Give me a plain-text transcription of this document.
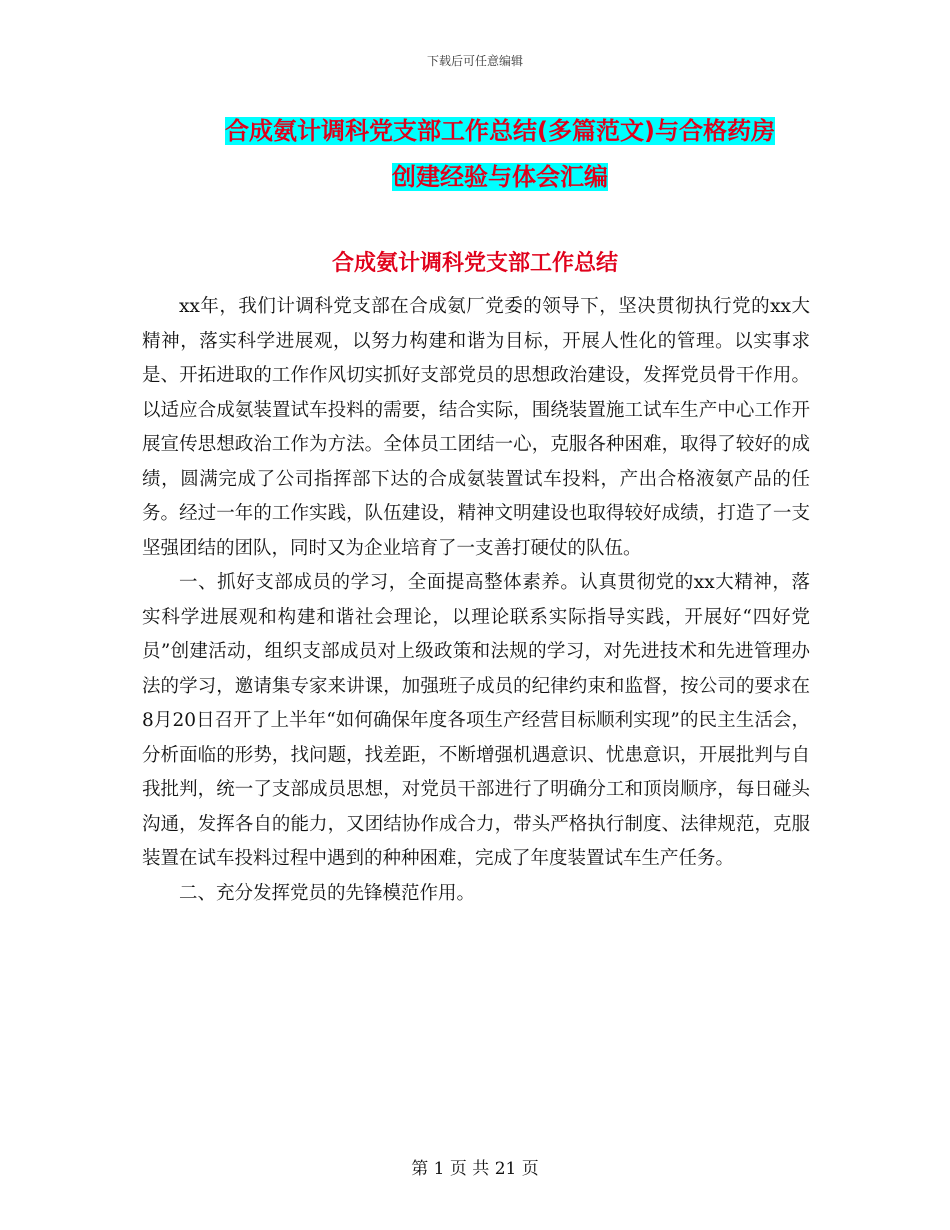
下载后可任意编辑
合成氨计调科党支部工作总结(多篇范文)与合格药房
创建经验与体会汇编
合成氨计调科党支部工作总结

xx年，我们计调科党支部在合成氨厂党委的领导下，坚决贯彻执行党的xx大精神，落实科学进展观，以努力构建和谐为目标，开展人性化的管理。以实事求是、开拓进取的工作作风切实抓好支部党员的思想政治建设，发挥党员骨干作用。以适应合成氨装置试车投料的需要，结合实际，围绕装置施工试车生产中心工作开展宣传思想政治工作为方法。全体员工团结一心，克服各种困难，取得了较好的成绩，圆满完成了公司指挥部下达的合成氨装置试车投料，产出合格液氨产品的任务。经过一年的工作实践，队伍建设，精神文明建设也取得较好成绩，打造了一支坚强团结的团队，同时又为企业培育了一支善打硬仗的队伍。

一、抓好支部成员的学习，全面提高整体素养。认真贯彻党的xx大精神，落实科学进展观和构建和谐社会理论，以理论联系实际指导实践，开展好“四好党员”创建活动，组织支部成员对上级政策和法规的学习，对先进技术和先进管理办法的学习，邀请集专家来讲课，加强班子成员的纪律约束和监督，按公司的要求在8月20日召开了上半年“如何确保年度各项生产经营目标顺利实现”的民主生活会，分析面临的形势，找问题，找差距，不断增强机遇意识、忧患意识，开展批判与自我批判，统一了支部成员思想，对党员干部进行了明确分工和顶岗顺序，每日碰头沟通，发挥各自的能力，又团结协作成合力，带头严格执行制度、法律规范，克服装置在试车投料过程中遇到的种种困难，完成了年度装置试车生产任务。

二、充分发挥党员的先锋模范作用。

第 1 页 共 21 页
